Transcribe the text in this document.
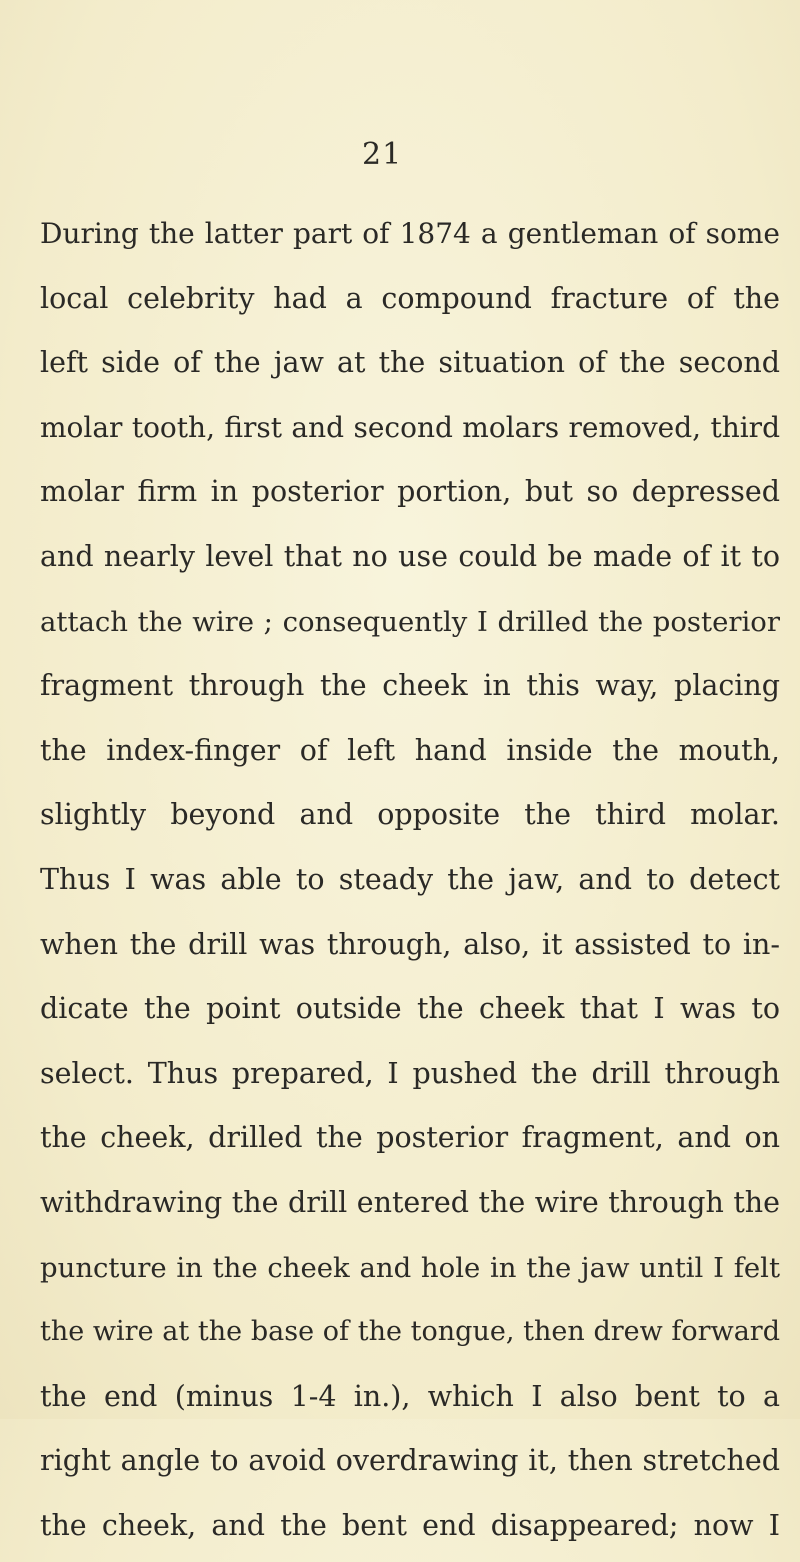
21
During the latter part of 1874 a gentleman of some
local celebrity had a compound fracture of the
left side of the jaw at the situation of the second
molar tooth, first and second molars removed, third
molar firm in posterior portion, but so depressed
and nearly level that no use could be made of it to
attach the wire ; consequently I drilled the posterior
fragment through the cheek in this way, placing
the index-finger of left hand inside the mouth,
slightly beyond and opposite the third molar.
Thus I was able to steady the jaw, and to detect
when the drill was through, also, it assisted to in-
dicate the point outside the cheek that I was to
select. Thus prepared, I pushed the drill through
the cheek, drilled the posterior fragment, and on
withdrawing the drill entered the wire through the
puncture in the cheek and hole in the jaw until I felt
the wire at the base of the tongue, then drew forward
the end (minus 1-4 in.), which I also bent to a
right angle to avoid overdrawing it, then stretched
the cheek, and the bent end disappeared; now I
